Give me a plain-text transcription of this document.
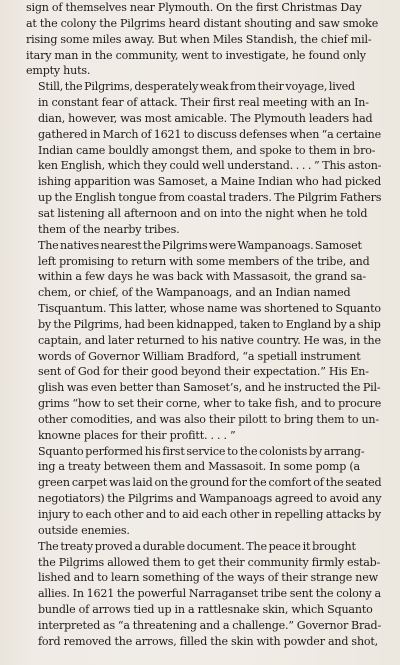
sign of themselves near Plymouth. On the first Christmas Day
at the colony the Pilgrims heard distant shouting and saw smoke
rising some miles away. But when Miles Standish, the chief mil-
itary man in the community, went to investigate, he found only
empty huts.

Still, the Pilgrims, desperately weak from their voyage, lived
in constant fear of attack. Their first real meeting with an In-
dian, however, was most amicable. The Plymouth leaders had
gathered in March of 1621 to discuss defenses when “a certaine
Indian came bouldly amongst them, and spoke to them in bro-
ken English, which they could well understand. . . . ” This aston-
ishing apparition was Samoset, a Maine Indian who had picked
up the English tongue from coastal traders. The Pilgrim Fathers
sat listening all afternoon and on into the night when he told
them of the nearby tribes.

The natives nearest the Pilgrims were Wampanoags. Samoset
left promising to return with some members of the tribe, and
within a few days he was back with Massasoit, the grand sa-
chem, or chief, of the Wampanoags, and an Indian named
Tisquantum. This latter, whose name was shortened to Squanto
by the Pilgrims, had been kidnapped, taken to England by a ship
captain, and later returned to his native country. He was, in the
words of Governor William Bradford, “a spetiall instrument
sent of God for their good beyond their expectation.” His En-
glish was even better than Samoset’s, and he instructed the Pil-
grims “how to set their corne, wher to take fish, and to procure
other comodities, and was also their pilott to bring them to un-
knowne places for their profitt. . . . ”

Squanto performed his first service to the colonists by arrang-
ing a treaty between them and Massasoit. In some pomp (a
green carpet was laid on the ground for the comfort of the seated
negotiators) the Pilgrims and Wampanoags agreed to avoid any
injury to each other and to aid each other in repelling attacks by
outside enemies.

The treaty proved a durable document. The peace it brought
the Pilgrims allowed them to get their community firmly estab-
lished and to learn something of the ways of their strange new
allies. In 1621 the powerful Narraganset tribe sent the colony a
bundle of arrows tied up in a rattlesnake skin, which Squanto
interpreted as “a threatening and a challenge.” Governor Brad-
ford removed the arrows, filled the skin with powder and shot,
